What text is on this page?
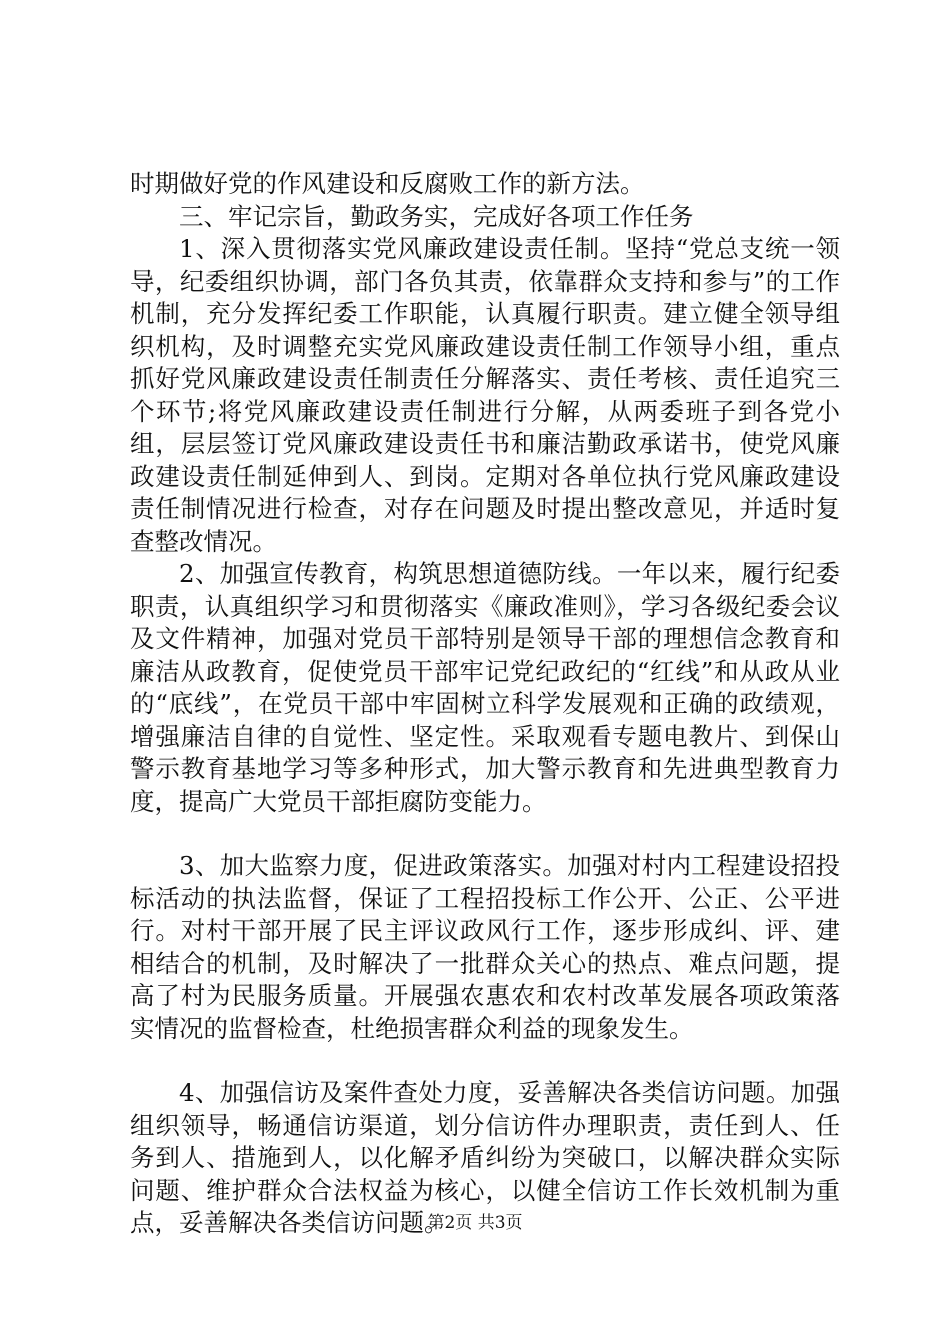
时期做好党的作风建设和反腐败工作的新方法。

三、牢记宗旨，勤政务实，完成好各项工作任务

1、深入贯彻落实党风廉政建设责任制。坚持“党总支统一领导，纪委组织协调，部门各负其责，依靠群众支持和参与”的工作机制，充分发挥纪委工作职能，认真履行职责。建立健全领导组织机构，及时调整充实党风廉政建设责任制工作领导小组，重点抓好党风廉政建设责任制责任分解落实、责任考核、责任追究三个环节;将党风廉政建设责任制进行分解，从两委班子到各党小组，层层签订党风廉政建设责任书和廉洁勤政承诺书，使党风廉政建设责任制延伸到人、到岗。定期对各单位执行党风廉政建设责任制情况进行检查，对存在问题及时提出整改意见，并适时复查整改情况。

2、加强宣传教育，构筑思想道德防线。一年以来，履行纪委职责，认真组织学习和贯彻落实《廉政准则》，学习各级纪委会议及文件精神，加强对党员干部特别是领导干部的理想信念教育和廉洁从政教育，促使党员干部牢记党纪政纪的“红线”和从政从业的“底线”，在党员干部中牢固树立科学发展观和正确的政绩观，增强廉洁自律的自觉性、坚定性。采取观看专题电教片、到保山警示教育基地学习等多种形式，加大警示教育和先进典型教育力度，提高广大党员干部拒腐防变能力。

3、加大监察力度，促进政策落实。加强对村内工程建设招投标活动的执法监督，保证了工程招投标工作公开、公正、公平进行。对村干部开展了民主评议政风行工作，逐步形成纠、评、建相结合的机制，及时解决了一批群众关心的热点、难点问题，提高了村为民服务质量。开展强农惠农和农村改革发展各项政策落实情况的监督检查，杜绝损害群众利益的现象发生。

4、加强信访及案件查处力度，妥善解决各类信访问题。加强组织领导，畅通信访渠道，划分信访件办理职责，责任到人、任务到人、措施到人，以化解矛盾纠纷为突破口，以解决群众实际问题、维护群众合法权益为核心，以健全信访工作长效机制为重点，妥善解决各类信访问题。

第2页 共3页
